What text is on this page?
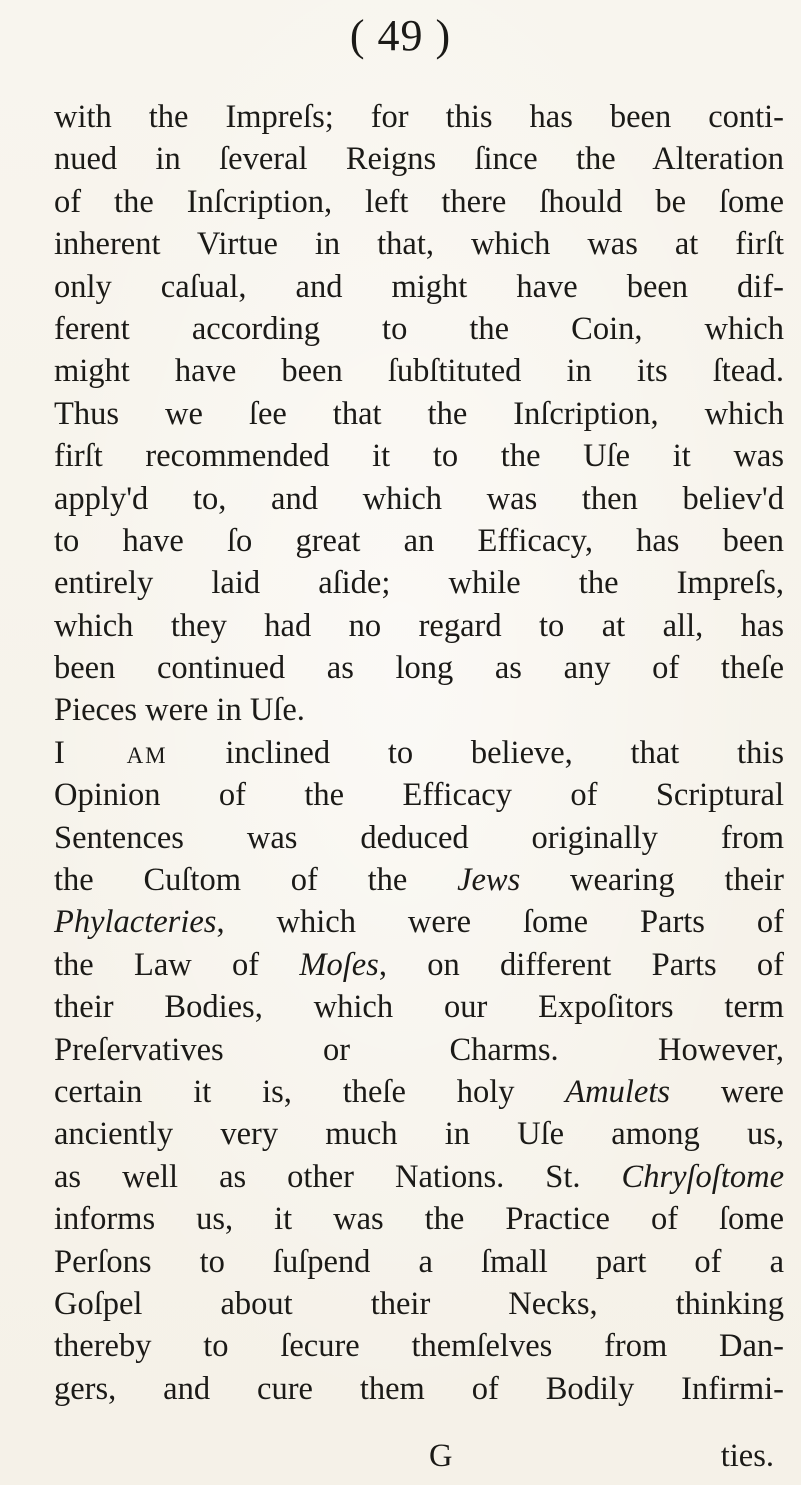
( 49 )
with the Impreſs; for this has been conti-
nued in ſeveral Reigns ſince the Alteration
of the Inſcription, left there ſhould be ſome
inherent Virtue in that, which was at firſt
only caſual, and might have been dif-
ferent according to the Coin, which
might have been ſubſtituted in its ſtead.
Thus we ſee that the Inſcription, which
firſt recommended it to the Uſe it was
apply'd to, and which was then believ'd
to have ſo great an Efficacy, has been
entirely laid aſide; while the Impreſs,
which they had no regard to at all, has
been continued as long as any of theſe
Pieces were in Uſe.
I am inclined to believe, that this
Opinion of the Efficacy of Scriptural
Sentences was deduced originally from
the Cuſtom of the Jews wearing their
Phylacteries, which were ſome Parts of
the Law of Moſes, on different Parts of
their Bodies, which our Expoſitors term
Preſervatives or Charms. However,
certain it is, theſe holy Amulets were
anciently very much in Uſe among us,
as well as other Nations. St. Chryſoſtome
informs us, it was the Practice of ſome
Perſons to ſuſpend a ſmall part of a
Goſpel about their Necks, thinking
thereby to ſecure themſelves from Dan-
gers, and cure them of Bodily Infirmi-
G	ties.
